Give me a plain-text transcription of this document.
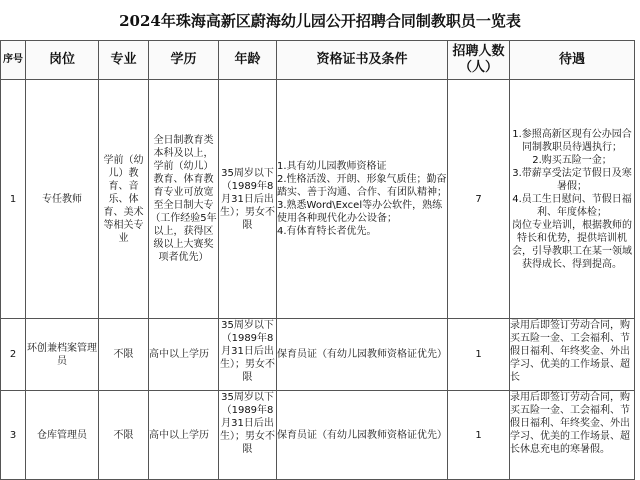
2024年珠海高新区蔚海幼儿园公开招聘合同制教职员一览表
序号	岗位	专业	学历	年龄	资格证书及条件	招聘人数（人）	待遇
1	专任教师	学前（幼儿）教育、音乐、体育、美术等相关专业	全日制教育类本科及以上，学前（幼儿）教育、体育教育专业可放宽至全日制大专（工作经验5年以上，获得区级以上大赛奖项者优先）	35周岁以下（1989年8月31日后出生）；男女不限	1.具有幼儿园教师资格证
2.性格活泼、开朗、形象气质佳；勤奋踏实、善于沟通、合作、有团队精神；
3.熟悉Word\Excel等办公软件，熟练使用各种现代化办公设备；
4.有体育特长者优先。	7	1.参照高新区现有公办园合同制教职员待遇执行；
2.购买五险一金；
3.带薪享受法定节假日及寒暑假；
4.员工生日慰问、节假日福利、年度体检；
岗位专业培训，根据教师的特长和优势，提供培训机会，引导教职工在某一领域获得成长、得到提高。

2	环创兼档案管理员	不限	高中以上学历	35周岁以下（1989年8月31日后出生）；男女不限	保育员证（有幼儿园教师资格证优先）	1	录用后即签订劳动合同，购买五险一金、工会福利、节假日福利、年终奖金、外出学习、优美的工作场景、超长

3	仓库管理员	不限	高中以上学历	35周岁以下（1989年8月31日后出生）；男女不限	保育员证（有幼儿园教师资格证优先）	1	录用后即签订劳动合同，购买五险一金、工会福利、节假日福利、年终奖金、外出学习、优美的工作场景、超长休息充电的寒暑假。
